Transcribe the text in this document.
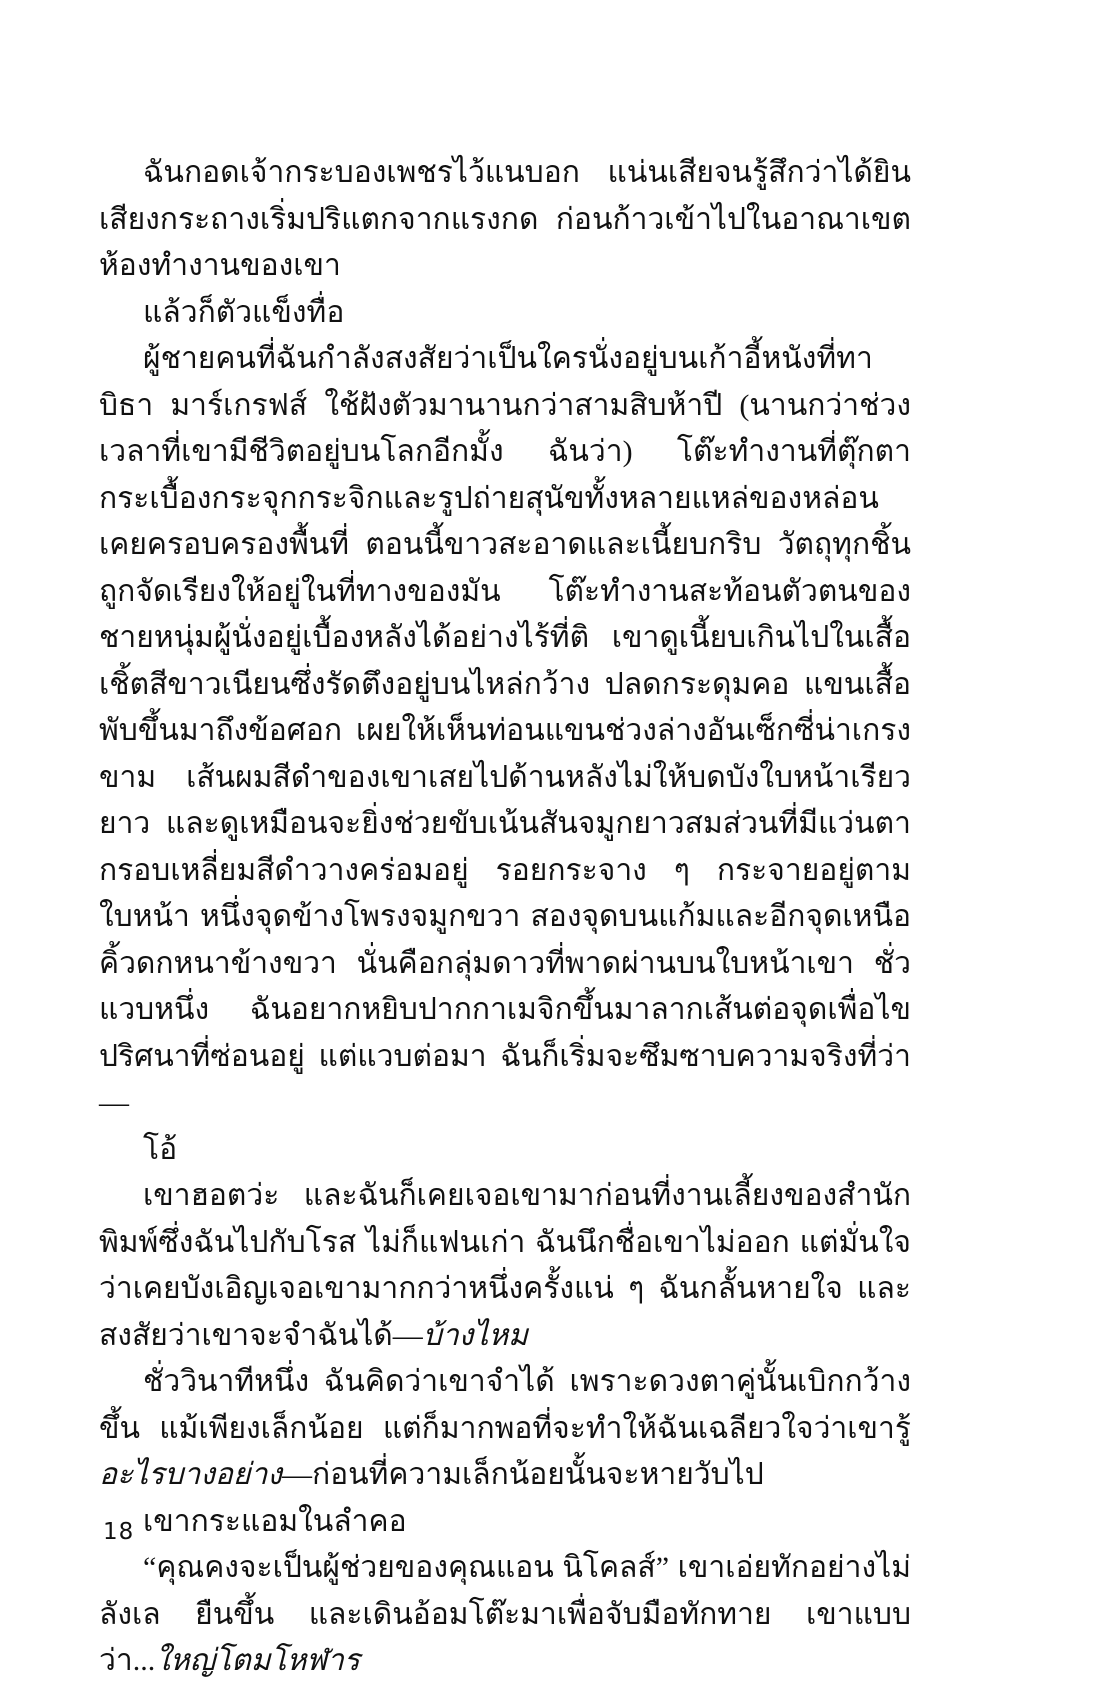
ฉันกอดเจ้ากระบองเพชรไว้แนบอก แน่นเสียจนรู้สึกว่าได้ยินเสียงกระถางเริ่มปริแตกจากแรงกด ก่อนก้าวเข้าไปในอาณาเขตห้องทำงานของเขา

แล้วก็ตัวแข็งทื่อ

ผู้ชายคนที่ฉันกำลังสงสัยว่าเป็นใครนั่งอยู่บนเก้าอี้หนังที่ทาบิธา มาร์เกรฟส์ ใช้ฝังตัวมานานกว่าสามสิบห้าปี (นานกว่าช่วงเวลาที่เขามีชีวิตอยู่บนโลกอีกมั้ง ฉันว่า) โต๊ะทำงานที่ตุ๊กตากระเบื้องกระจุกกระจิกและรูปถ่ายสุนัขทั้งหลายแหล่ของหล่อนเคยครอบครองพื้นที่ ตอนนี้ขาวสะอาดและเนี้ยบกริบ วัตถุทุกชิ้นถูกจัดเรียงให้อยู่ในที่ทางของมัน โต๊ะทำงานสะท้อนตัวตนของชายหนุ่มผู้นั่งอยู่เบื้องหลังได้อย่างไร้ที่ติ เขาดูเนี้ยบเกินไปในเสื้อเชิ้ตสีขาวเนียนซึ่งรัดตึงอยู่บนไหล่กว้าง ปลดกระดุมคอ แขนเสื้อพับขึ้นมาถึงข้อศอก เผยให้เห็นท่อนแขนช่วงล่างอันเซ็กซี่น่าเกรงขาม เส้นผมสีดำของเขาเสยไปด้านหลังไม่ให้บดบังใบหน้าเรียวยาว และดูเหมือนจะยิ่งช่วยขับเน้นสันจมูกยาวสมส่วนที่มีแว่นตากรอบเหลี่ยมสีดำวางคร่อมอยู่ รอยกระจาง ๆ กระจายอยู่ตามใบหน้า หนึ่งจุดข้างโพรงจมูกขวา สองจุดบนแก้มและอีกจุดเหนือคิ้วดกหนาข้างขวา นั่นคือกลุ่มดาวที่พาดผ่านบนใบหน้าเขา ชั่วแวบหนึ่ง ฉันอยากหยิบปากกาเมจิกขึ้นมาลากเส้นต่อจุดเพื่อไขปริศนาที่ซ่อนอยู่ แต่แวบต่อมา ฉันก็เริ่มจะซึมซาบความจริงที่ว่า—

โอ้

เขาฮอตว่ะ และฉันก็เคยเจอเขามาก่อนที่งานเลี้ยงของสำนักพิมพ์ซึ่งฉันไปกับโรส ไม่ก็แฟนเก่า ฉันนึกชื่อเขาไม่ออก แต่มั่นใจว่าเคยบังเอิญเจอเขามากกว่าหนึ่งครั้งแน่ ๆ ฉันกลั้นหายใจ และสงสัยว่าเขาจะจำฉันได้—บ้างไหม

ชั่ววินาทีหนึ่ง ฉันคิดว่าเขาจำได้ เพราะดวงตาคู่นั้นเบิกกว้างขึ้น แม้เพียงเล็กน้อย แต่ก็มากพอที่จะทำให้ฉันเฉลียวใจว่าเขารู้ อะไรบางอย่าง—ก่อนที่ความเล็กน้อยนั้นจะหายวับไป

เขากระแอมในลำคอ

“คุณคงจะเป็นผู้ช่วยของคุณแอน นิโคลส์” เขาเอ่ยทักอย่างไม่ลังเล ยืนขึ้น และเดินอ้อมโต๊ะมาเพื่อจับมือทักทาย เขาแบบว่า...ใหญ่โตมโหฬาร

18
